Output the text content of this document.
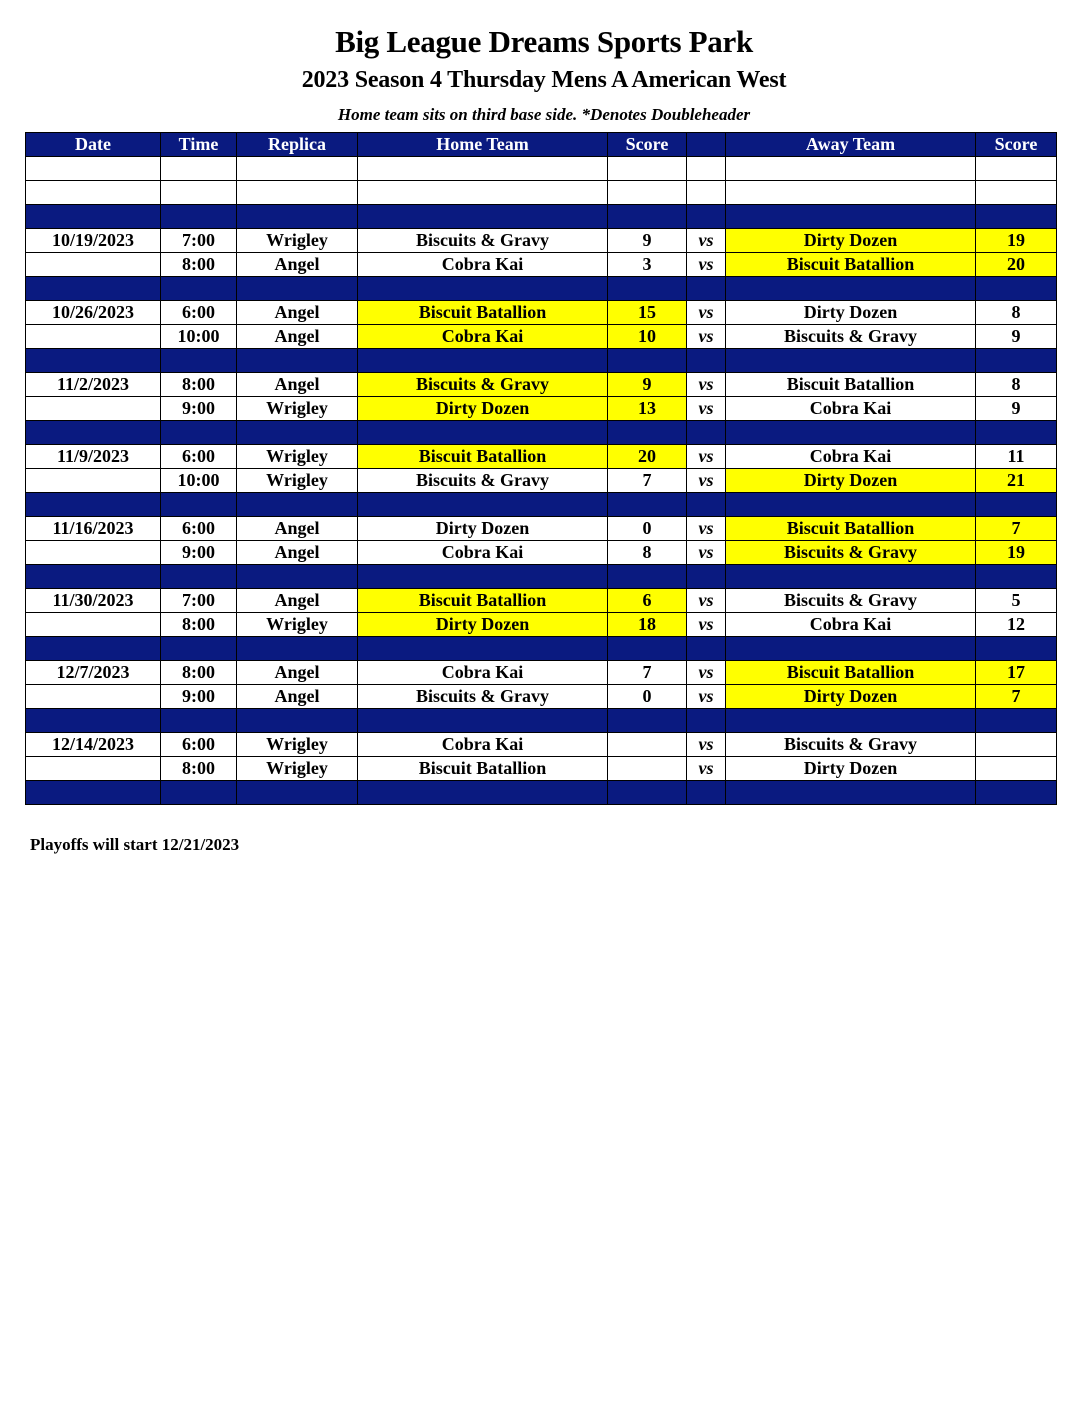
Big League Dreams Sports Park
2023 Season 4 Thursday Mens A American West
Home team sits on third base side. *Denotes Doubleheader
Date	Time	Replica	Home Team	Score		Away Team	Score

10/19/2023	7:00	Wrigley	Biscuits & Gravy	9	vs	Dirty Dozen	19
	8:00	Angel	Cobra Kai	3	vs	Biscuit Batallion	20

10/26/2023	6:00	Angel	Biscuit Batallion	15	vs	Dirty Dozen	8
	10:00	Angel	Cobra Kai	10	vs	Biscuits & Gravy	9

11/2/2023	8:00	Angel	Biscuits & Gravy	9	vs	Biscuit Batallion	8
	9:00	Wrigley	Dirty Dozen	13	vs	Cobra Kai	9

11/9/2023	6:00	Wrigley	Biscuit Batallion	20	vs	Cobra Kai	11
	10:00	Wrigley	Biscuits & Gravy	7	vs	Dirty Dozen	21

11/16/2023	6:00	Angel	Dirty Dozen	0	vs	Biscuit Batallion	7
	9:00	Angel	Cobra Kai	8	vs	Biscuits & Gravy	19

11/30/2023	7:00	Angel	Biscuit Batallion	6	vs	Biscuits & Gravy	5
	8:00	Wrigley	Dirty Dozen	18	vs	Cobra Kai	12

12/7/2023	8:00	Angel	Cobra Kai	7	vs	Biscuit Batallion	17
	9:00	Angel	Biscuits & Gravy	0	vs	Dirty Dozen	7

12/14/2023	6:00	Wrigley	Cobra Kai		vs	Biscuits & Gravy	
	8:00	Wrigley	Biscuit Batallion		vs	Dirty Dozen	

Playoffs will start 12/21/2023
